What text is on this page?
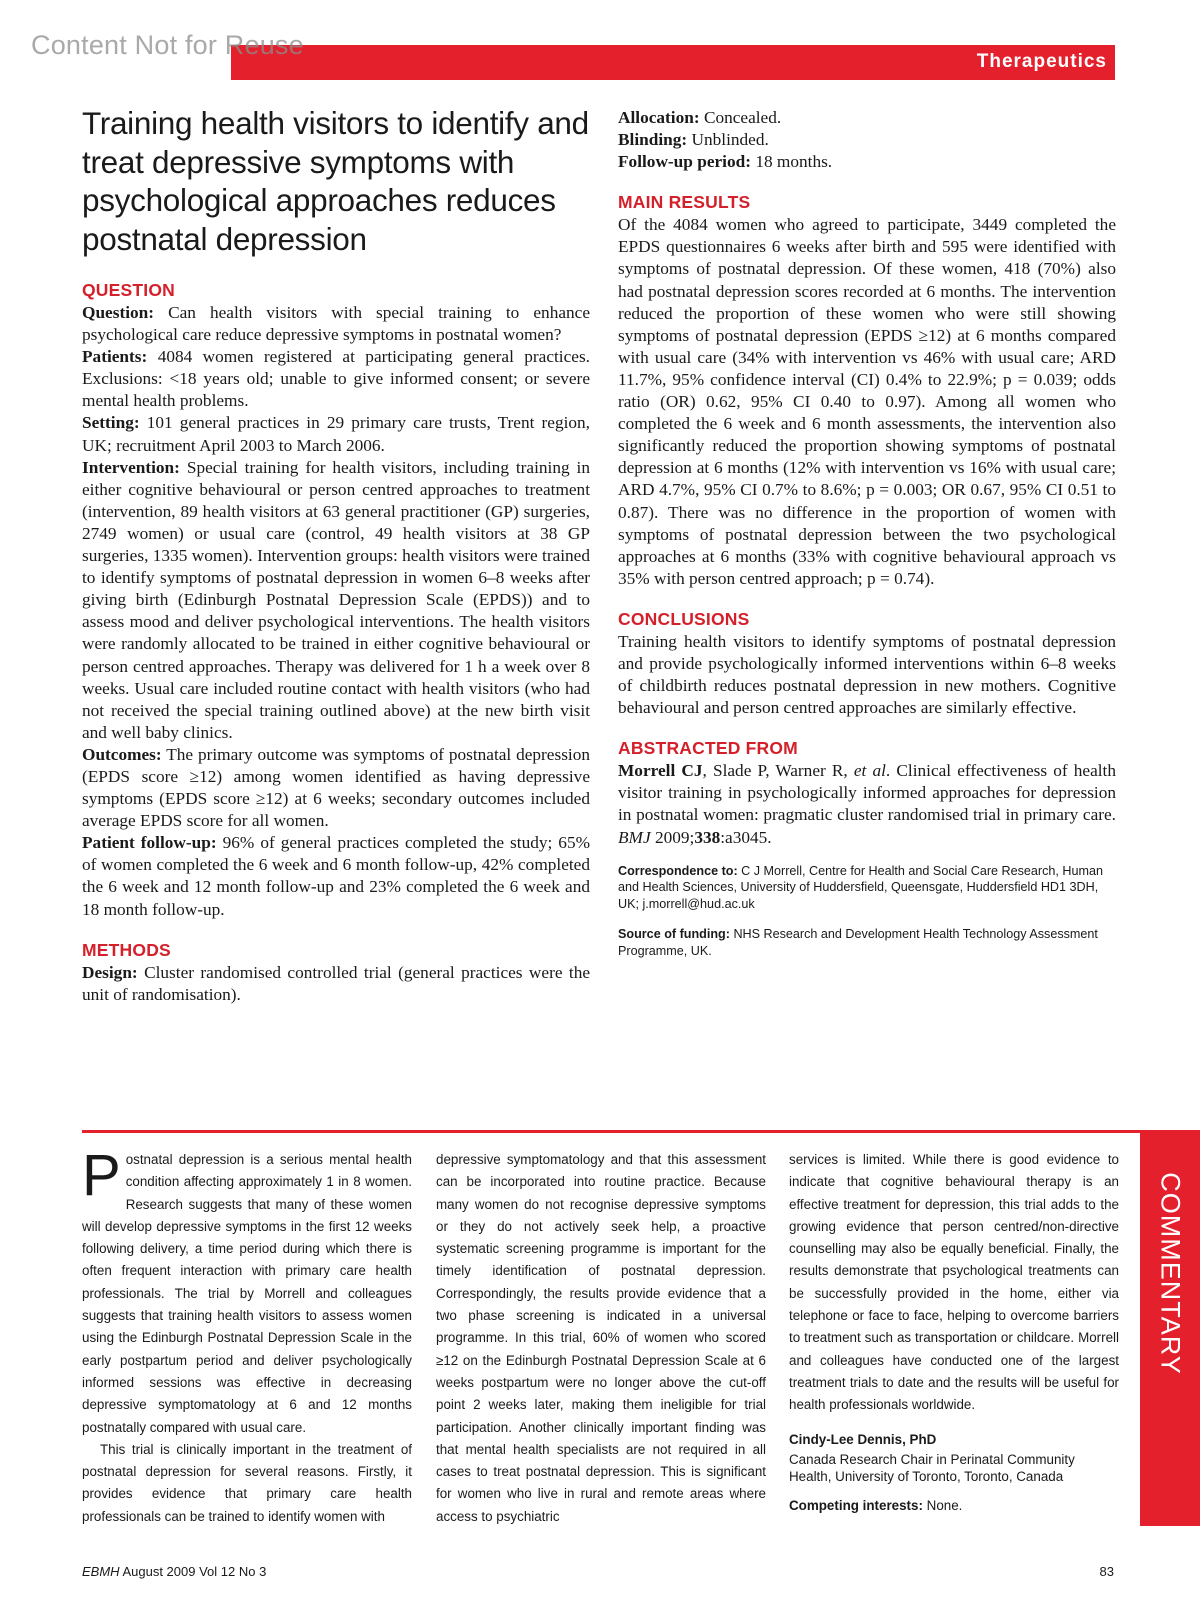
Content Not for Reuse
Therapeutics
Training health visitors to identify and treat depressive symptoms with psychological approaches reduces postnatal depression
QUESTION

Question: Can health visitors with special training to enhance psychological care reduce depressive symptoms in postnatal women?

Patients: 4084 women registered at participating general practices. Exclusions: <18 years old; unable to give informed consent; or severe mental health problems.

Setting: 101 general practices in 29 primary care trusts, Trent region, UK; recruitment April 2003 to March 2006.

Intervention: Special training for health visitors, including training in either cognitive behavioural or person centred approaches to treatment (intervention, 89 health visitors at 63 general practitioner (GP) surgeries, 2749 women) or usual care (control, 49 health visitors at 38 GP surgeries, 1335 women). Intervention groups: health visitors were trained to identify symptoms of postnatal depression in women 6–8 weeks after giving birth (Edinburgh Postnatal Depression Scale (EPDS)) and to assess mood and deliver psychological interventions. The health visitors were randomly allocated to be trained in either cognitive behavioural or person centred approaches. Therapy was delivered for 1 h a week over 8 weeks. Usual care included routine contact with health visitors (who had not received the special training outlined above) at the new birth visit and well baby clinics.

Outcomes: The primary outcome was symptoms of postnatal depression (EPDS score ≥12) among women identified as having depressive symptoms (EPDS score ≥12) at 6 weeks; secondary outcomes included average EPDS score for all women.

Patient follow-up: 96% of general practices completed the study; 65% of women completed the 6 week and 6 month follow-up, 42% completed the 6 week and 12 month follow-up and 23% completed the 6 week and 18 month follow-up.

METHODS

Design: Cluster randomised controlled trial (general practices were the unit of randomisation).

Allocation: Concealed.

Blinding: Unblinded.

Follow-up period: 18 months.

MAIN RESULTS

Of the 4084 women who agreed to participate, 3449 completed the EPDS questionnaires 6 weeks after birth and 595 were identified with symptoms of postnatal depression. Of these women, 418 (70%) also had postnatal depression scores recorded at 6 months. The intervention reduced the proportion of these women who were still showing symptoms of postnatal depression (EPDS ≥12) at 6 months compared with usual care (34% with intervention vs 46% with usual care; ARD 11.7%, 95% confidence interval (CI) 0.4% to 22.9%; p = 0.039; odds ratio (OR) 0.62, 95% CI 0.40 to 0.97). Among all women who completed the 6 week and 6 month assessments, the intervention also significantly reduced the proportion showing symptoms of postnatal depression at 6 months (12% with intervention vs 16% with usual care; ARD 4.7%, 95% CI 0.7% to 8.6%; p = 0.003; OR 0.67, 95% CI 0.51 to 0.87). There was no difference in the proportion of women with symptoms of postnatal depression between the two psychological approaches at 6 months (33% with cognitive behavioural approach vs 35% with person centred approach; p = 0.74).

CONCLUSIONS

Training health visitors to identify symptoms of postnatal depression and provide psychologically informed interventions within 6–8 weeks of childbirth reduces postnatal depression in new mothers. Cognitive behavioural and person centred approaches are similarly effective.

ABSTRACTED FROM

Morrell CJ, Slade P, Warner R, et al. Clinical effectiveness of health visitor training in psychologically informed approaches for depression in postnatal women: pragmatic cluster randomised trial in primary care. BMJ 2009;338:a3045.

Correspondence to: C J Morrell, Centre for Health and Social Care Research, Human and Health Sciences, University of Huddersfield, Queensgate, Huddersfield HD1 3DH, UK; j.morrell@hud.ac.uk

Source of funding: NHS Research and Development Health Technology Assessment Programme, UK.

COMMENTARY

Postnatal depression is a serious mental health condition affecting approximately 1 in 8 women. Research suggests that many of these women will develop depressive symptoms in the first 12 weeks following delivery, a time period during which there is often frequent interaction with primary care health professionals. The trial by Morrell and colleagues suggests that training health visitors to assess women using the Edinburgh Postnatal Depression Scale in the early postpartum period and deliver psychologically informed sessions was effective in decreasing depressive symptomatology at 6 and 12 months postnatally compared with usual care.

This trial is clinically important in the treatment of postnatal depression for several reasons. Firstly, it provides evidence that primary care health professionals can be trained to identify women with

depressive symptomatology and that this assessment can be incorporated into routine practice. Because many women do not recognise depressive symptoms or they do not actively seek help, a proactive systematic screening programme is important for the timely identification of postnatal depression. Correspondingly, the results provide evidence that a two phase screening is indicated in a universal programme. In this trial, 60% of women who scored ≥12 on the Edinburgh Postnatal Depression Scale at 6 weeks postpartum were no longer above the cut-off point 2 weeks later, making them ineligible for trial participation. Another clinically important finding was that mental health specialists are not required in all cases to treat postnatal depression. This is significant for women who live in rural and remote areas where access to psychiatric

services is limited. While there is good evidence to indicate that cognitive behavioural therapy is an effective treatment for depression, this trial adds to the growing evidence that person centred/non-directive counselling may also be equally beneficial. Finally, the results demonstrate that psychological treatments can be successfully provided in the home, either via telephone or face to face, helping to overcome barriers to treatment such as transportation or childcare. Morrell and colleagues have conducted one of the largest treatment trials to date and the results will be useful for health professionals worldwide.

Cindy-Lee Dennis, PhD

Canada Research Chair in Perinatal Community Health, University of Toronto, Toronto, Canada

Competing interests: None.

EBMH August 2009 Vol 12 No 3	83
